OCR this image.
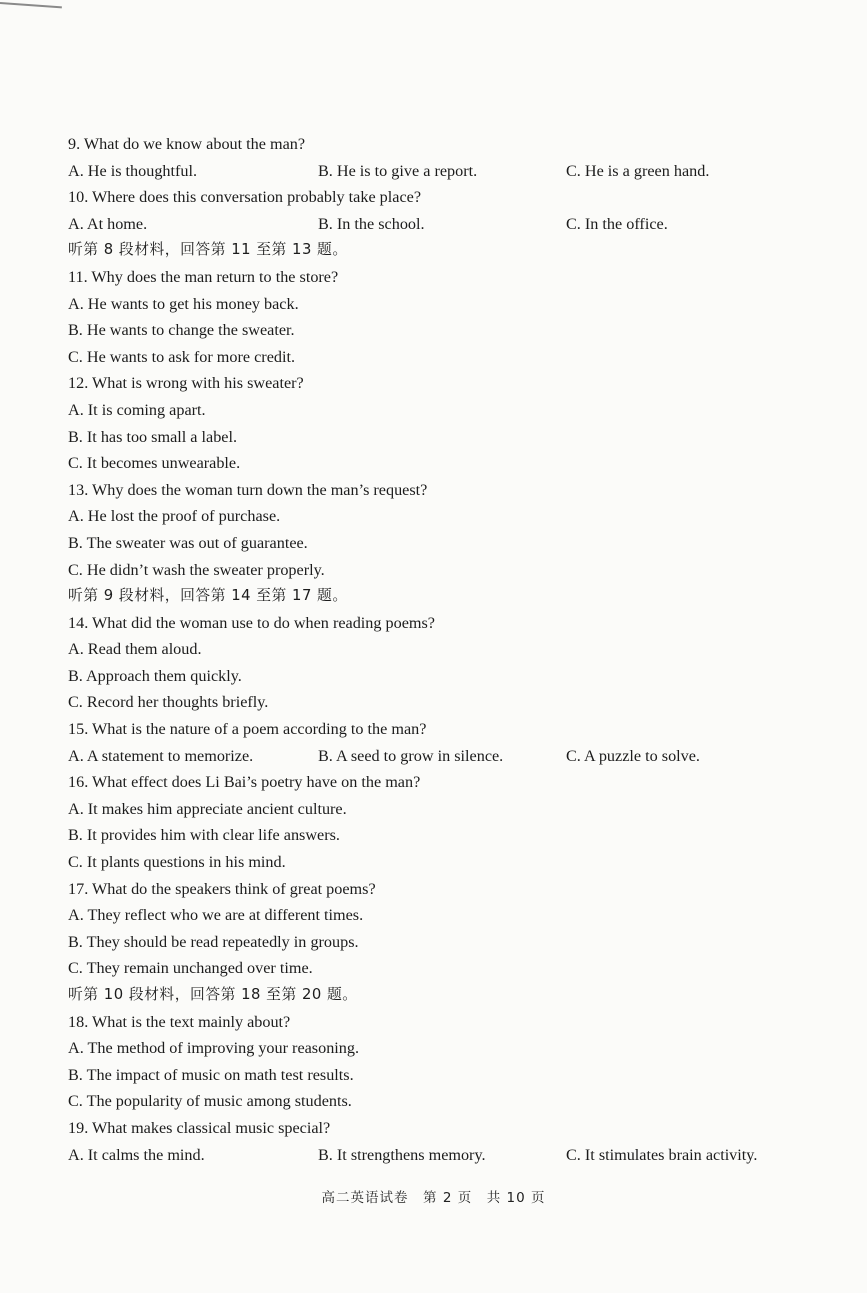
9. What do we know about the man?
A. He is thoughtful.	B. He is to give a report.	C. He is a green hand.
10. Where does this conversation probably take place?
A. At home.	B. In the school.	C. In the office.
听第 8 段材料，回答第 11 至第 13 题。
11. Why does the man return to the store?
A. He wants to get his money back.
B. He wants to change the sweater.
C. He wants to ask for more credit.
12. What is wrong with his sweater?
A. It is coming apart.
B. It has too small a label.
C. It becomes unwearable.
13. Why does the woman turn down the man’s request?
A. He lost the proof of purchase.
B. The sweater was out of guarantee.
C. He didn’t wash the sweater properly.
听第 9 段材料，回答第 14 至第 17 题。
14. What did the woman use to do when reading poems?
A. Read them aloud.
B. Approach them quickly.
C. Record her thoughts briefly.
15. What is the nature of a poem according to the man?
A. A statement to memorize.	B. A seed to grow in silence.	C. A puzzle to solve.
16. What effect does Li Bai’s poetry have on the man?
A. It makes him appreciate ancient culture.
B. It provides him with clear life answers.
C. It plants questions in his mind.
17. What do the speakers think of great poems?
A. They reflect who we are at different times.
B. They should be read repeatedly in groups.
C. They remain unchanged over time.
听第 10 段材料，回答第 18 至第 20 题。
18. What is the text mainly about?
A. The method of improving your reasoning.
B. The impact of music on math test results.
C. The popularity of music among students.
19. What makes classical music special?
A. It calms the mind.	B. It strengthens memory.	C. It stimulates brain activity.
高二英语试卷　第 2 页　共 10 页
